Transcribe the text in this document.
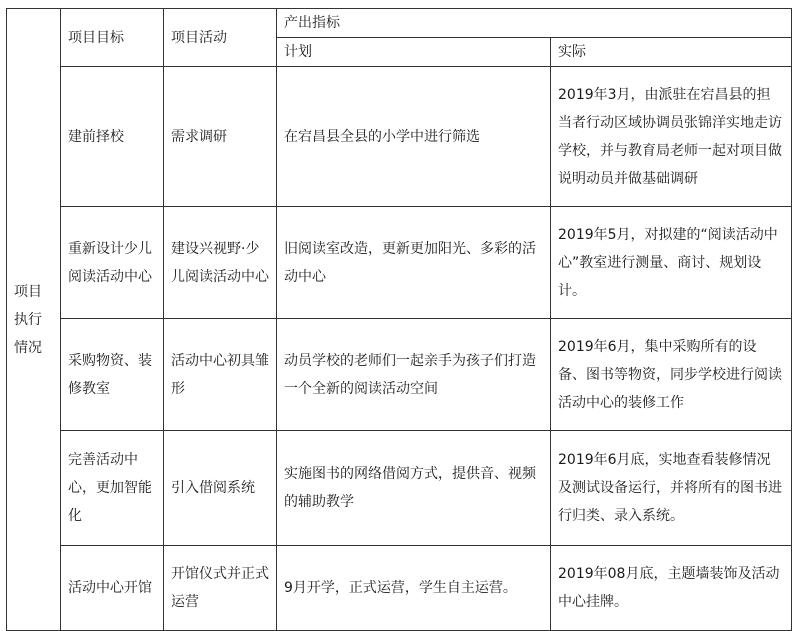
项目执行情况	项目目标	项目活动	产出指标	
			计划	实际
	建前择校	需求调研	在宕昌县全县的小学中进行筛选	2019年3月，由派驻在宕昌县的担当者行动区域协调员张锦洋实地走访学校，并与教育局老师一起对项目做说明动员并做基础调研
	重新设计少儿阅读活动中心	建设兴视野·少儿阅读活动中心	旧阅读室改造，更新更加阳光、多彩的活动中心	2019年5月，对拟建的“阅读活动中心”教室进行测量、商讨、规划设计。
	采购物资、装修教室	活动中心初具雏形	动员学校的老师们一起亲手为孩子们打造一个全新的阅读活动空间	2019年6月，集中采购所有的设备、图书等物资，同步学校进行阅读活动中心的装修工作
	完善活动中心，更加智能化	引入借阅系统	实施图书的网络借阅方式，提供音、视频的辅助教学	2019年6月底，实地查看装修情况及测试设备运行，并将所有的图书进行归类、录入系统。
	活动中心开馆	开馆仪式并正式运营	9月开学，正式运营，学生自主运营。	2019年08月底，主题墙装饰及活动中心挂牌。
